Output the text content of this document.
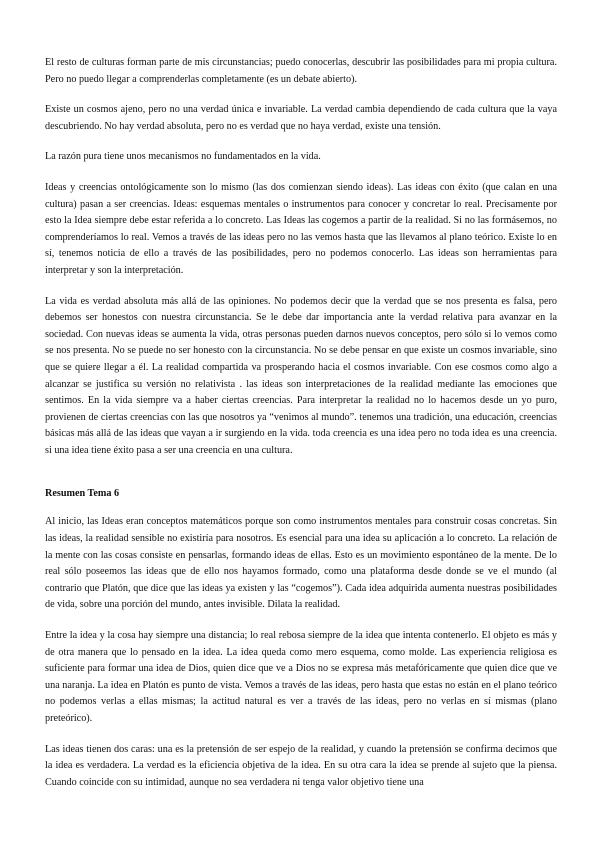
El resto de culturas forman parte de mis circunstancias; puedo conocerlas, descubrir las posibilidades para mi propia cultura. Pero no puedo llegar a comprenderlas completamente (es un debate abierto).

Existe un cosmos ajeno, pero no una verdad única e invariable. La verdad cambia dependiendo de cada cultura que la vaya descubriendo. No hay verdad absoluta, pero no es verdad que no haya verdad, existe una tensión.

La razón pura tiene unos mecanismos no fundamentados en la vida.

Ideas y creencias ontológicamente son lo mismo (las dos comienzan siendo ideas). Las ideas con éxito (que calan en una cultura) pasan a ser creencias. Ideas: esquemas mentales o instrumentos para conocer y concretar lo real. Precisamente por esto la Idea siempre debe estar referida a lo concreto. Las Ideas las cogemos a partir de la realidad. Si no las formásemos, no comprenderíamos lo real. Vemos a través de las ideas pero no las vemos hasta que las llevamos al plano teórico. Existe lo en sí, tenemos noticia de ello a través de las posibilidades, pero no podemos conocerlo. Las ideas son herramientas para interpretar y son la interpretación.

La vida es verdad absoluta más allá de las opiniones. No podemos decir que la verdad que se nos presenta es falsa, pero debemos ser honestos con nuestra circunstancia. Se le debe dar importancia ante la verdad relativa para avanzar en la sociedad. Con nuevas ideas se aumenta la vida, otras personas pueden darnos nuevos conceptos, pero sólo si lo vemos como se nos presenta. No se puede no ser honesto con la circunstancia. No se debe pensar en que existe un cosmos invariable, sino que se quiere llegar a él. La realidad compartida va prosperando hacia el cosmos invariable. Con ese cosmos como algo a alcanzar se justifica su versión no relativista . las ideas son interpretaciones de la realidad mediante las emociones que sentimos. En la vida siempre va a haber ciertas creencias. Para interpretar la realidad no lo hacemos desde un yo puro, provienen de ciertas creencias con las que nosotros ya “venimos al mundo”. tenemos una tradición, una educación, creencias básicas más allá de las ideas que vayan a ir surgiendo en la vida. toda creencia es una idea pero no toda idea es una creencia. si una idea tiene éxito pasa a ser una creencia en una cultura.

Resumen Tema 6

Al inicio, las Ideas eran conceptos matemáticos porque son como instrumentos mentales para construir cosas concretas. Sin las ideas, la realidad sensible no existiría para nosotros. Es esencial para una idea su aplicación a lo concreto. La relación de la mente con las cosas consiste en pensarlas, formando ideas de ellas. Esto es un movimiento espontáneo de la mente. De lo real sólo poseemos las ideas que de ello nos hayamos formado, como una plataforma desde donde se ve el mundo (al contrario que Platón, que dice que las ideas ya existen y las “cogemos”). Cada idea adquirida aumenta nuestras posibilidades de vida, sobre una porción del mundo, antes invisible. Dilata la realidad.

Entre la idea y la cosa hay siempre una distancia; lo real rebosa siempre de la idea que intenta contenerlo. El objeto es más y de otra manera que lo pensado en la idea. La idea queda como mero esquema, como molde. Las experiencia religiosa es suficiente para formar una idea de Dios, quien dice que ve a Dios no se expresa más metafóricamente que quien dice que ve una naranja. La idea en Platón es punto de vista. Vemos a través de las ideas, pero hasta que estas no están en el plano teórico no podemos verlas a ellas mismas; la actitud natural es ver a través de las ideas, pero no verlas en sí mismas (plano preteórico).

Las ideas tienen dos caras: una es la pretensión de ser espejo de la realidad, y cuando la pretensión se confirma decimos que la idea es verdadera. La verdad es la eficiencia objetiva de la idea. En su otra cara la idea se prende al sujeto que la piensa. Cuando coincide con su intimidad, aunque no sea verdadera ni tenga valor objetivo tiene una
